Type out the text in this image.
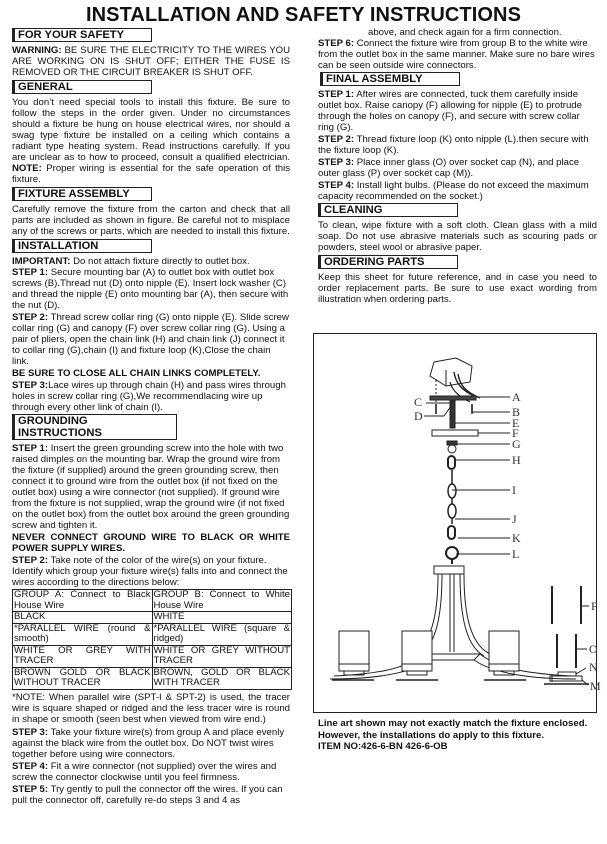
INSTALLATION AND SAFETY INSTRUCTIONS
FOR YOUR SAFETY

WARNING: BE SURE THE ELECTRICITY TO THE WIRES YOU ARE WORKING ON IS SHUT OFF; EITHER THE FUSE IS REMOVED OR THE CIRCUIT BREAKER IS SHUT OFF.

GENERAL

You don’t need special tools to install this fixture. Be sure to follow the steps in the order given. Under no circumstances should a fixture be hung on house electrical wires, nor should a swag type fixture be installed on a ceiling which contains a radiant type heating system. Read instructions carefully. If you are unclear as to how to proceed, consult a qualified electrician. NOTE: Proper wiring is essential for the safe operation of this fixture.

FIXTURE ASSEMBLY

Carefully remove the fixture from the carton and check that all parts are included as shown in figure. Be careful not to misplace any of the screws or parts, which are needed to install this fixture.

INSTALLATION
IMPORTANT: Do not attach fixture directly to outlet box.
STEP 1: Secure mounting bar (A) to outlet box with outlet box screws (B).Thread nut (D) onto nipple (E). Insert lock washer (C) and thread the nipple (E) onto mounting bar (A), then secure with the nut (D).
STEP 2: Thread screw collar ring (G) onto nipple (E). Slide screw collar ring (G) and canopy (F) over screw collar ring (G). Using a pair of pliers, open the chain link (H) and chain link (J) connect it to collar ring (G),chain (I) and fixture loop (K),Close the chain link.
BE SURE TO CLOSE ALL CHAIN LINKS COMPLETELY.
STEP 3:Lace wires up through chain (H) and pass wires through holes in screw collar ring (G),We recommendlacing wire up through every other link of chain (I).
GROUNDING INSTRUCTIONS
STEP 1: Insert the green grounding screw into the hole with two raised dimples on the mounting bar. Wrap the ground wire from the fixture (if supplied) around the green grounding screw, then connect it to ground wire from the outlet box (if not fixed on the outlet box) using a wire connector (not supplied). If ground wire from the fixture is not supplied, wrap the ground wire (if not fixed on the outlet box) from the outlet box around the green grounding screw and tighten it.
NEVER CONNECT GROUND WIRE TO BLACK OR WHITE POWER SUPPLY WIRES.
STEP 2: Take note of the color of the wire(s) on your fixture. Identify which group your fixture wire(s) falls into and connect the wires according to the directions below:
GROUP A: Connect to Black House Wire	GROUP B: Connect to White House Wire
BLACK	WHITE
*PARALLEL WIRE (round & smooth)	*PARALLEL WIRE (square & ridged)
WHITE OR GREY WITH TRACER	WHITE OR GREY WITHOUT TRACER
BROWN GOLD OR BLACK WITHOUT TRACER	BROWN, GOLD OR BLACK WITH TRACER

*NOTE: When parallel wire (SPT-I & SPT-2) is used, the tracer wire is square shaped or ridged and the less tracer wire is round in shape or smooth (seen best when viewed from wire end.)

STEP 3: Take your fixture wire(s) from group A and place evenly against the black wire from the outlet box. Do NOT twist wires together before using wire connectors.
STEP 4: Fit a wire connector (not supplied) over the wires and screw the connector clockwise until you feel firmness.
STEP 5: Try gently to pull the connector off the wires. If you can pull the connector off, carefully re-do steps 3 and 4 as
above, and check again for a firm connection.
STEP 6: Connect the fixture wire from group B to the white wire from the outlet box in the same manner. Make sure no bare wires can be seen outside wire connectors.
FINAL ASSEMBLY
STEP 1: After wires are connected, tuck them carefully inside outlet box. Raise canopy (F) allowing for nipple (E) to protrude through the holes on canopy (F), and secure with screw collar ring (G).
STEP 2: Thread fixture loop (K) onto nipple (L).then secure with the fixture loop (K).
STEP 3: Place inner glass (O) over socket cap (N), and place outer glass (P) over socket cap (M)).
STEP 4: Install light bulbs. (Please do not exceed the maximum capacity recommended on the socket.)
CLEANING

To clean, wipe fixture with a soft cloth. Clean glass with a mild soap. Do not use abrasive materials such as scouring pads or powders, steel wool or abrasive paper.

ORDERING PARTS

Keep this sheet for future reference, and in case you need to order replacement parts. Be sure to use exact wording from illustration when ordering parts.

A
B
C
D	E
F
G
H
I
J
K
L
M
N
O
P
Line art shown may not exactly match the fixture enclosed.
However, the installations do apply to this fixture.
ITEM NO:426-6-BN 426-6-OB
